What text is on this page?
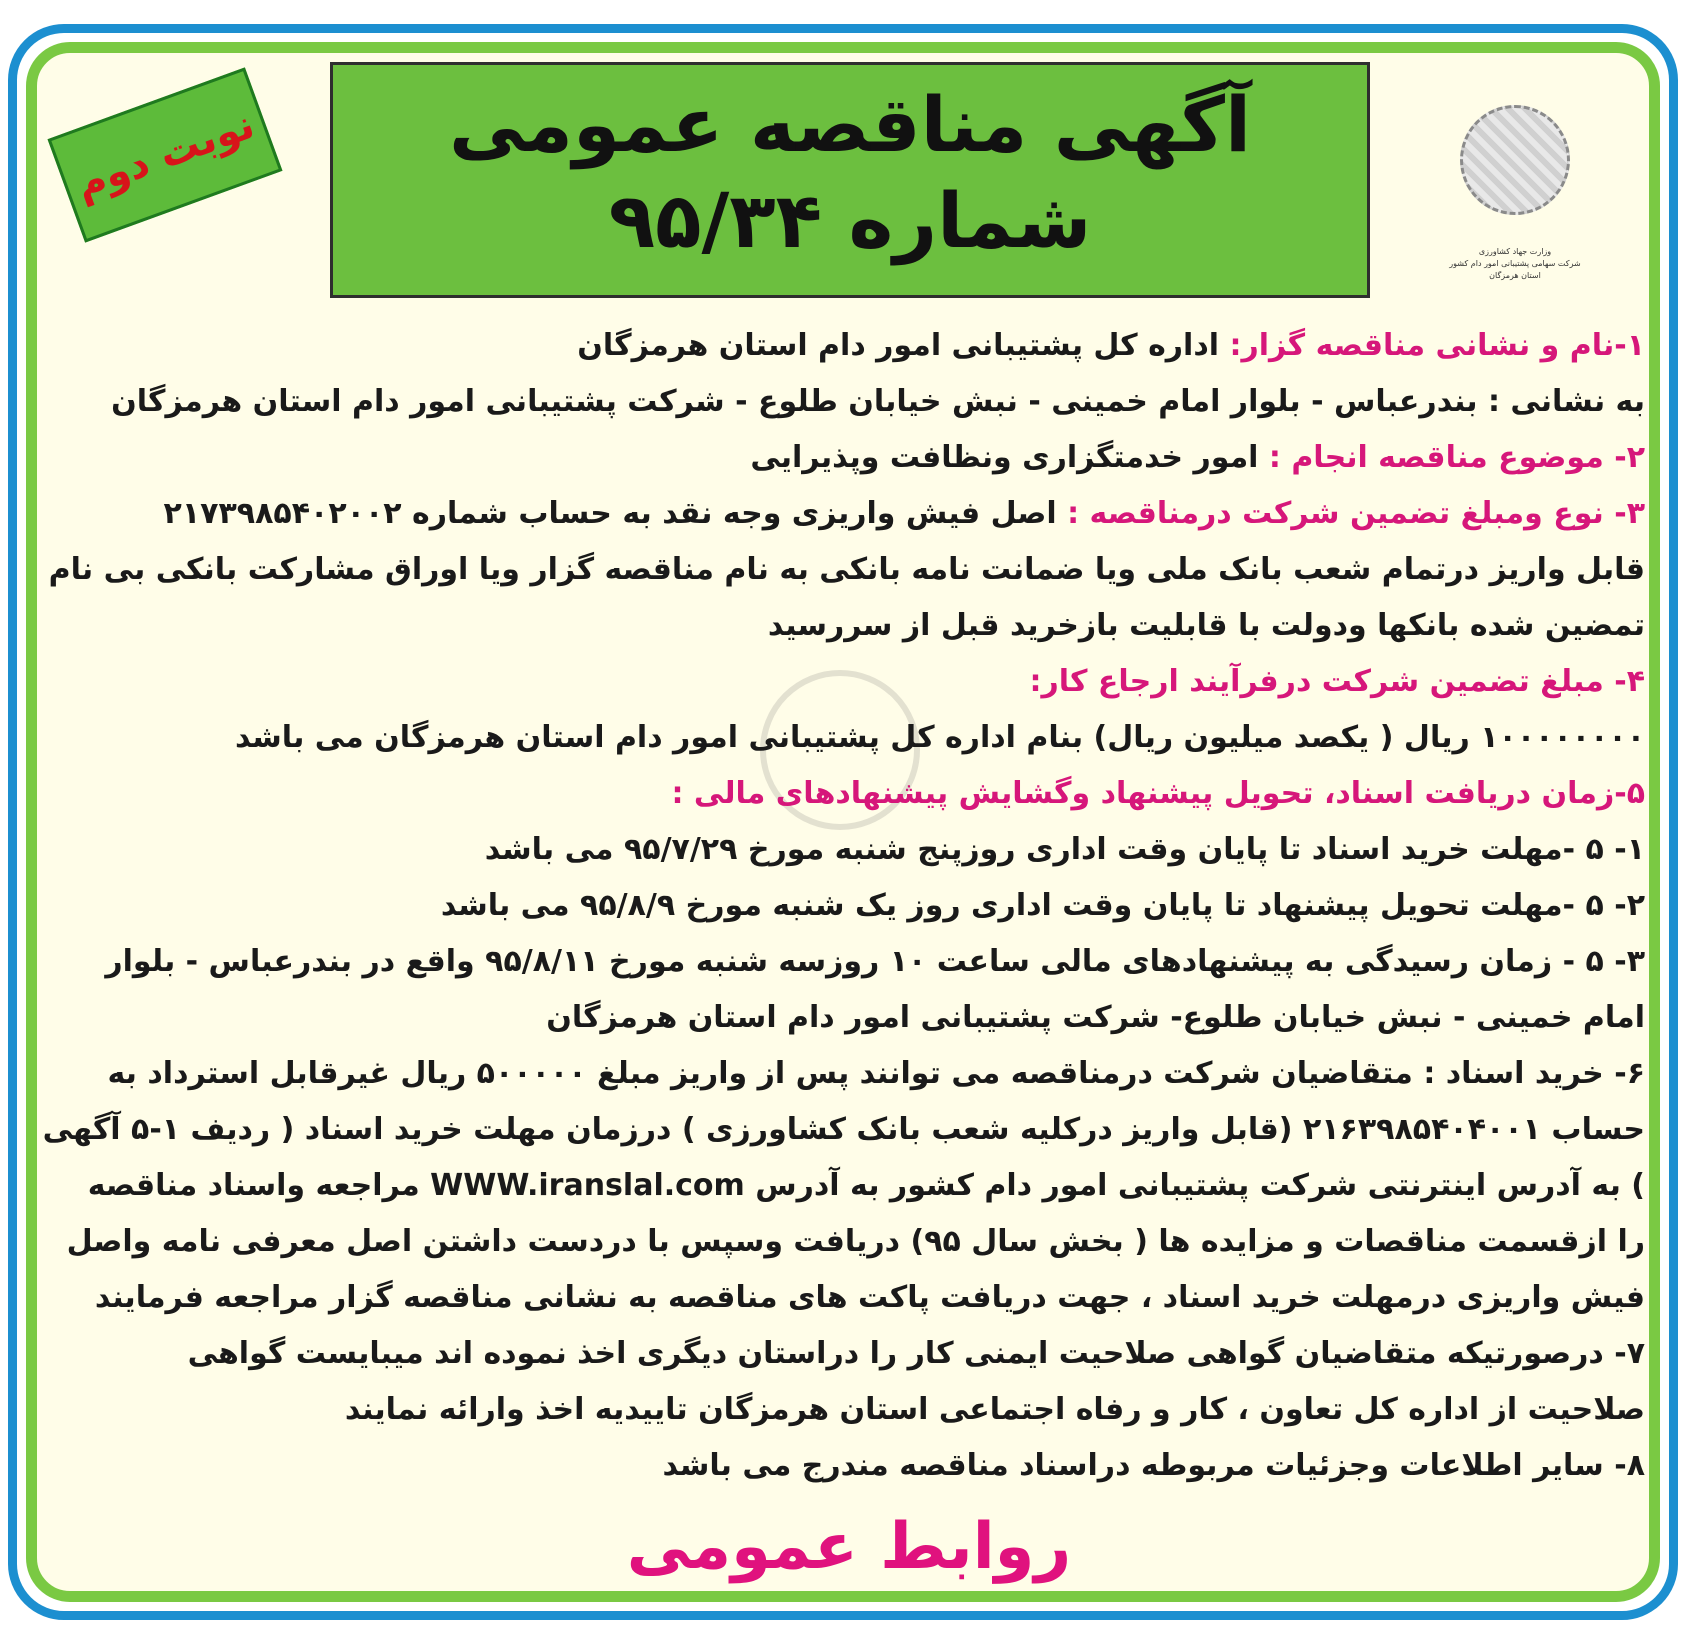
نوبت دوم	آگهی مناقصه عمومی
شماره ۹۵/۳۴	وزارت جهاد کشاورزی
شرکت سهامی پشتیبانی امور دام کشور
استان هرمزگان
۱-نام و نشانی مناقصه گزار: اداره کل پشتیبانی امور دام استان هرمزگان
به نشانی : بندرعباس - بلوار امام خمینی - نبش خیابان طلوع - شرکت پشتیبانی امور دام استان هرمزگان
۲- موضوع مناقصه انجام : امور خدمتگزاری ونظافت وپذیرایی
۳- نوع ومبلغ تضمین شرکت درمناقصه : اصل فیش واریزی وجه نقد به حساب شماره ۲۱۷۳۹۸۵۴۰۲۰۰۲
قابل واریز درتمام شعب بانک ملی ویا ضمانت نامه بانکی به نام مناقصه گزار ویا اوراق مشارکت بانکی بی نام
تمضین شده بانکها ودولت با قابلیت بازخرید قبل از سررسید
۴- مبلغ تضمین شرکت درفرآیند ارجاع کار:
۱۰۰۰۰۰۰۰۰ ریال ( یکصد میلیون ریال) بنام اداره کل پشتیبانی امور دام استان هرمزگان می باشد
۵-زمان دریافت اسناد، تحویل پیشنهاد وگشایش پیشنهادهای مالی :
۱- ۵ -مهلت خرید اسناد تا پایان وقت اداری روزپنج شنبه مورخ ۹۵/۷/۲۹ می باشد
۲- ۵ -مهلت تحویل پیشنهاد تا پایان وقت اداری روز یک شنبه مورخ ۹۵/۸/۹ می باشد
۳- ۵ - زمان رسیدگی به پیشنهادهای مالی ساعت ۱۰ روزسه شنبه مورخ ۹۵/۸/۱۱ واقع در بندرعباس - بلوار
امام خمینی - نبش خیابان طلوع- شرکت پشتیبانی امور دام استان هرمزگان
۶- خرید اسناد : متقاضیان شرکت درمناقصه می توانند پس از واریز مبلغ ۵۰۰۰۰۰ ریال غیرقابل استرداد به
حساب ۲۱۶۳۹۸۵۴۰۴۰۰۱ (قابل واریز درکلیه شعب بانک کشاورزی ) درزمان مهلت خرید اسناد ( ردیف ۱-۵ آگهی
) به آدرس اینترنتی شرکت پشتیبانی امور دام کشور به آدرس WWW.iranslal.com مراجعه واسناد مناقصه
را ازقسمت مناقصات و مزایده ها ( بخش سال ۹۵) دریافت وسپس با دردست داشتن اصل معرفی نامه واصل
فیش واریزی درمهلت خرید اسناد ، جهت دریافت پاکت های مناقصه به نشانی مناقصه گزار مراجعه فرمایند
۷- درصورتیکه متقاضیان گواهی صلاحیت ایمنی کار را دراستان دیگری اخذ نموده اند میبایست گواهی
صلاحیت از اداره کل تعاون ، کار و رفاه اجتماعی استان هرمزگان تاییدیه اخذ وارائه نمایند
۸- سایر اطلاعات وجزئیات مربوطه دراسناد مناقصه مندرج می باشد
روابط عمومی
